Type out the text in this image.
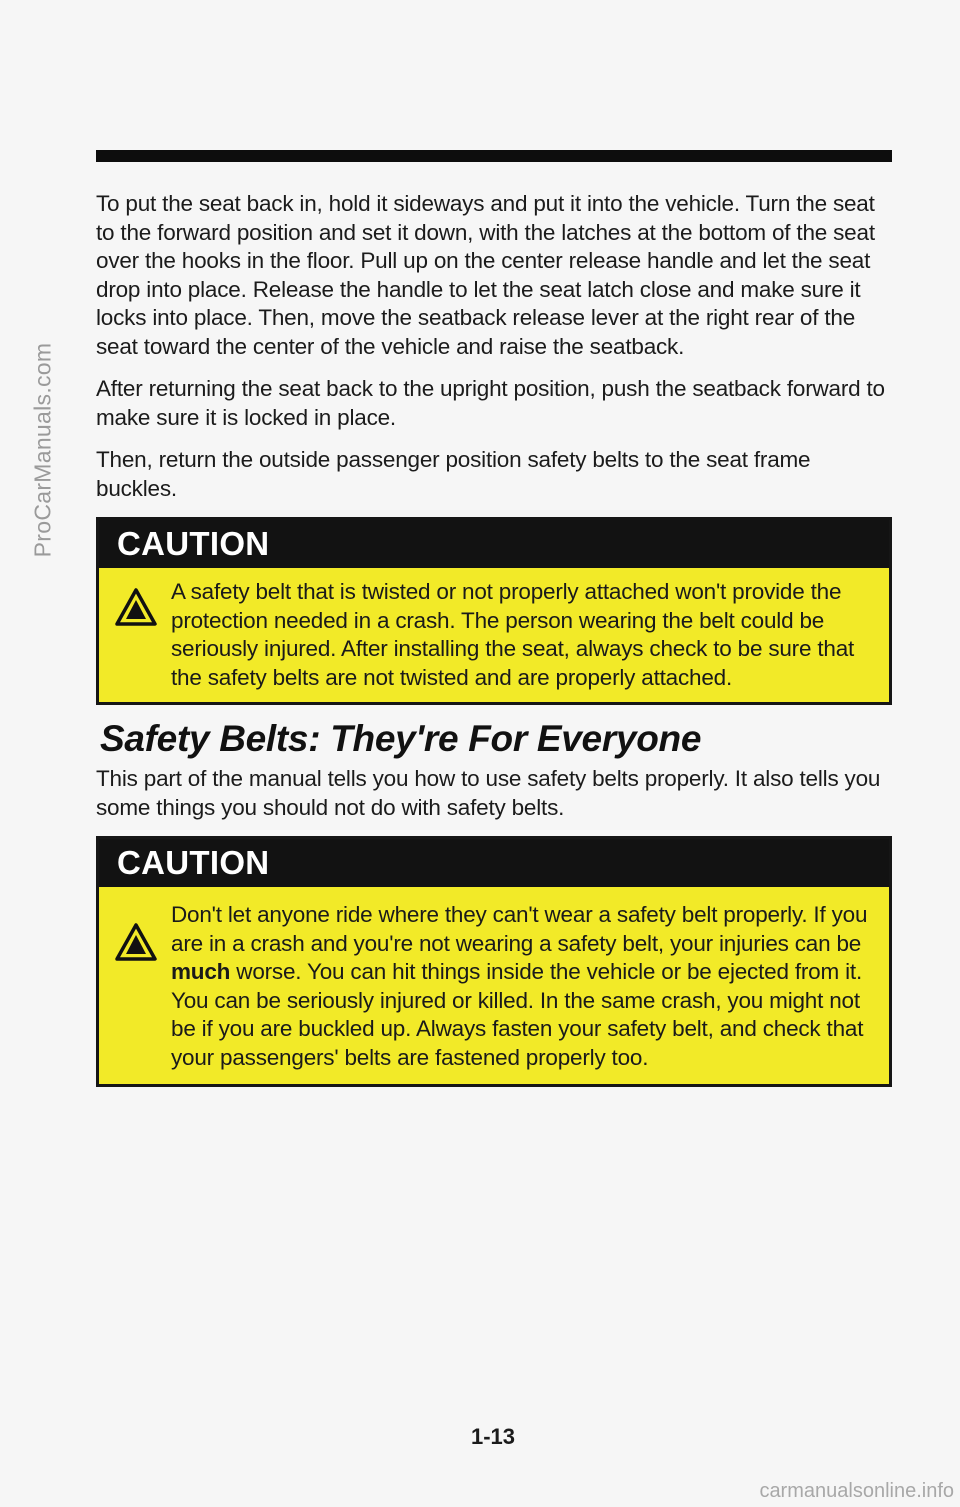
ProCarManuals.com

To put the seat back in, hold it sideways and put it into the vehicle. Turn the seat to the forward position and set it down, with the latches at the bottom of the seat over the hooks in the floor. Pull up on the center release handle and let the seat drop into place. Release the handle to let the seat latch close and make sure it locks into place. Then, move the seatback release lever at the right rear of the seat toward the center of the vehicle and raise the seatback.

After returning the seat back to the upright position, push the seatback forward to make sure it is locked in place.

Then, return the outside passenger position safety belts to the seat frame buckles.

CAUTION
A safety belt that is twisted or not properly attached won't provide the protection needed in a crash. The person wearing the belt could be seriously injured. After installing the seat, always check to be sure that the safety belts are not twisted and are properly attached.
Safety Belts: They're For Everyone

This part of the manual tells you how to use safety belts properly. It also tells you some things you should not do with safety belts.

CAUTION
Don't let anyone ride where they can't wear a safety belt properly. If you are in a crash and you're not wearing a safety belt, your injuries can be much worse. You can hit things inside the vehicle or be ejected from it. You can be seriously injured or killed. In the same crash, you might not be if you are buckled up. Always fasten your safety belt, and check that your passengers' belts are fastened properly too.
1-13
carmanualsonline.info
